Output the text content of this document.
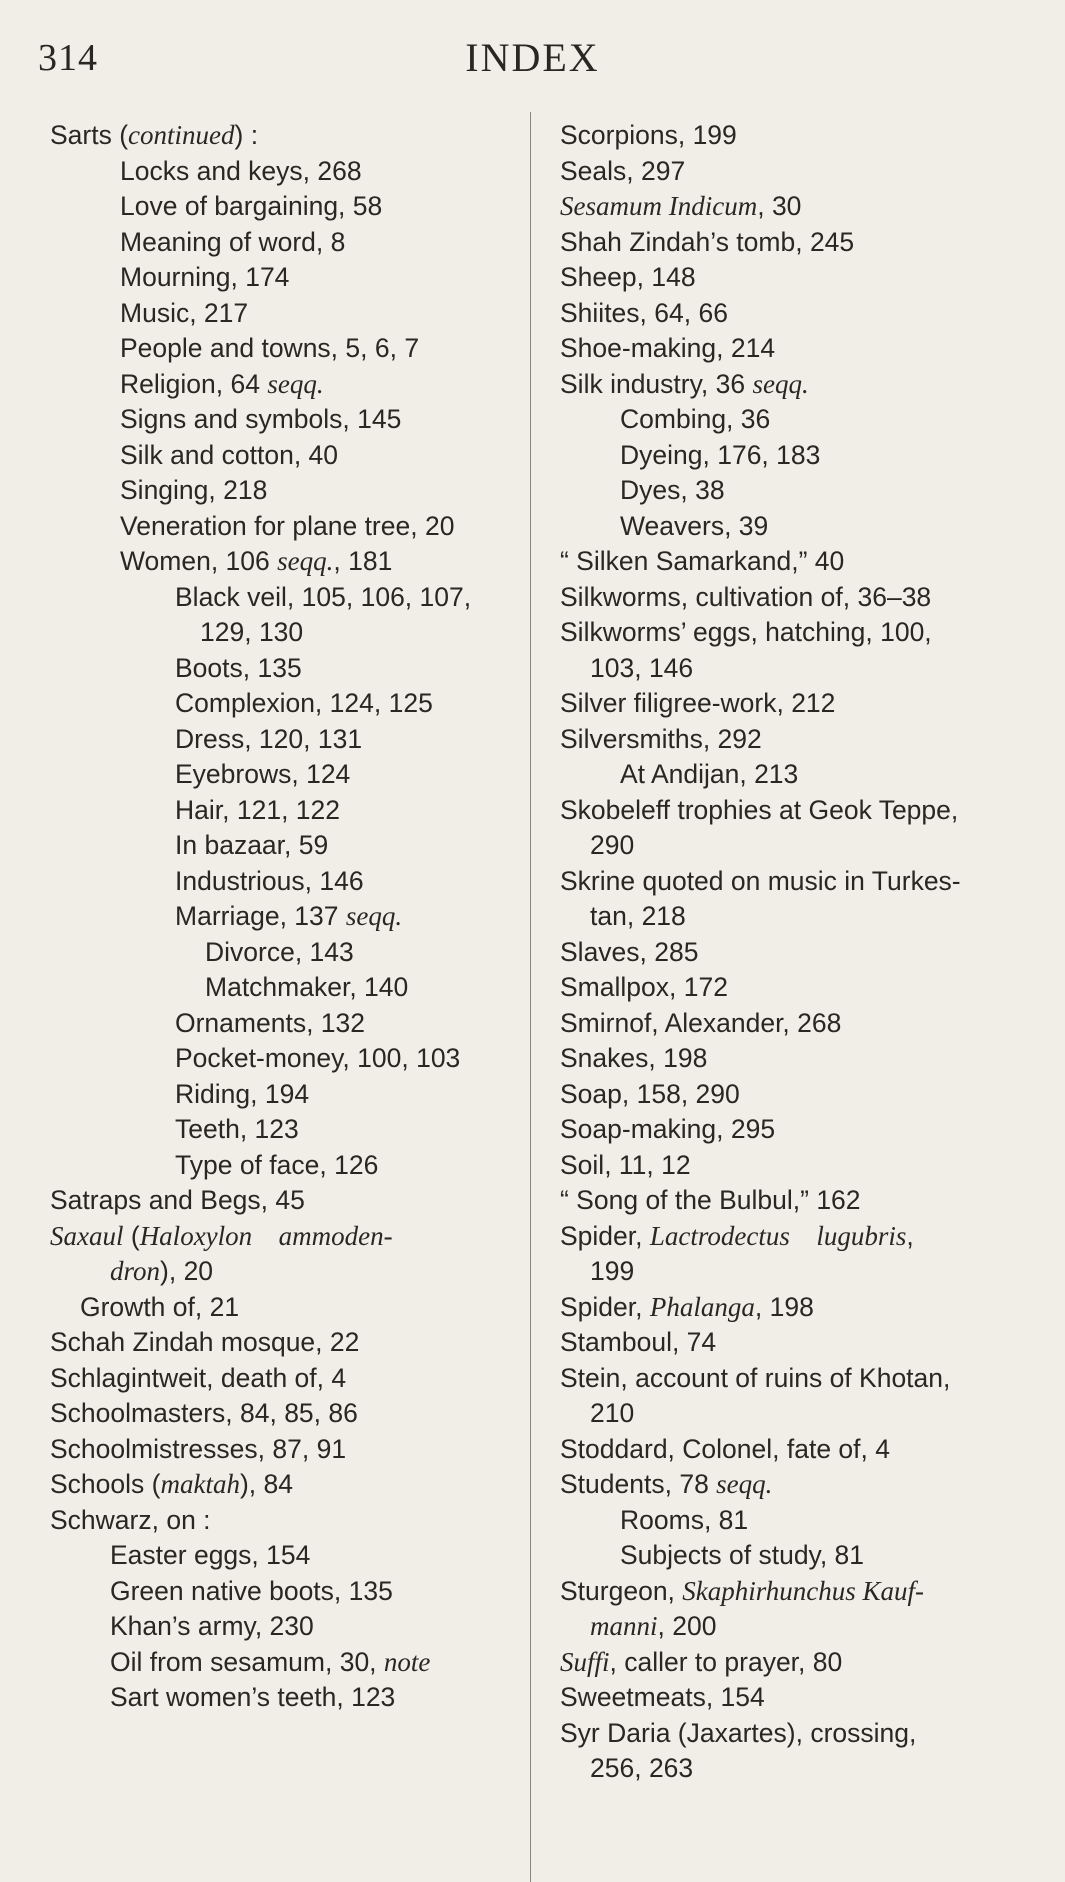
314	INDEX
Sarts (continued) :
Locks and keys, 268
Love of bargaining, 58
Meaning of word, 8
Mourning, 174
Music, 217
People and towns, 5, 6, 7
Religion, 64 seqq.
Signs and symbols, 145
Silk and cotton, 40
Singing, 218
Veneration for plane tree, 20
Women, 106 seqq., 181
Black veil, 105, 106, 107,
129, 130
Boots, 135
Complexion, 124, 125
Dress, 120, 131
Eyebrows, 124
Hair, 121, 122
In bazaar, 59
Industrious, 146
Marriage, 137 seqq.
Divorce, 143
Matchmaker, 140
Ornaments, 132
Pocket-money, 100, 103
Riding, 194
Teeth, 123
Type of face, 126
Satraps and Begs, 45
Saxaul (Haloxylon  ammoden-
dron), 20
Growth of, 21
Schah Zindah mosque, 22
Schlagintweit, death of, 4
Schoolmasters, 84, 85, 86
Schoolmistresses, 87, 91
Schools (maktah), 84
Schwarz, on :
Easter eggs, 154
Green native boots, 135
Khan’s army, 230
Oil from sesamum, 30, note
Sart women’s teeth, 123
Scorpions, 199
Seals, 297
Sesamum Indicum, 30
Shah Zindah’s tomb, 245
Sheep, 148
Shiites, 64, 66
Shoe-making, 214
Silk industry, 36 seqq.
Combing, 36
Dyeing, 176, 183
Dyes, 38
Weavers, 39
“ Silken Samarkand,” 40
Silkworms, cultivation of, 36–38
Silkworms’ eggs, hatching, 100,
103, 146
Silver filigree-work, 212
Silversmiths, 292
At Andijan, 213
Skobeleff trophies at Geok Teppe,
290
Skrine quoted on music in Turkes-
tan, 218
Slaves, 285
Smallpox, 172
Smirnof, Alexander, 268
Snakes, 198
Soap, 158, 290
Soap-making, 295
Soil, 11, 12
“ Song of the Bulbul,” 162
Spider, Lactrodectus  lugubris,
199
Spider, Phalanga, 198
Stamboul, 74
Stein, account of ruins of Khotan,
210
Stoddard, Colonel, fate of, 4
Students, 78 seqq.
Rooms, 81
Subjects of study, 81
Sturgeon, Skaphirhunchus Kauf-
manni, 200
Suffi, caller to prayer, 80
Sweetmeats, 154
Syr Daria (Jaxartes), crossing,
256, 263
